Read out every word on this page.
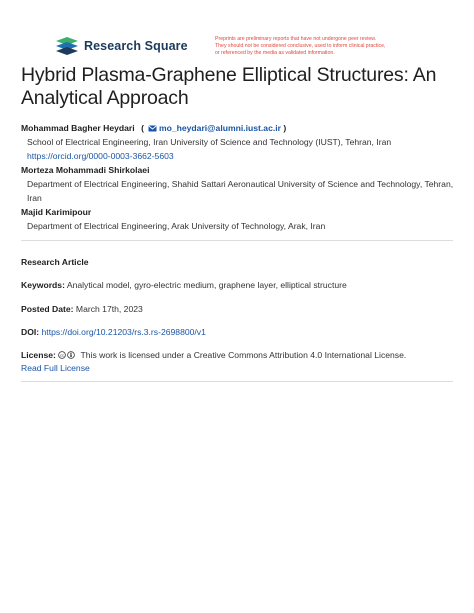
Research Square	Preprints are preliminary reports that have not undergone peer review.
They should not be considered conclusive, used to inform clinical practice,
or referenced by the media as validated information.
Hybrid Plasma-Graphene Elliptical Structures: An
Analytical Approach
Mohammad Bagher Heydari ( mo_heydari@alumni.iust.ac.ir )
School of Electrical Engineering, Iran University of Science and Technology (IUST), Tehran, Iran
https://orcid.org/0000-0003-3662-5603
Morteza Mohammadi Shirkolaei
Department of Electrical Engineering, Shahid Sattari Aeronautical University of Science and Technology, Tehran, Iran
Majid Karimipour
Department of Electrical Engineering, Arak University of Technology, Arak, Iran
Research Article
Keywords: Analytical model, gyro-electric medium, graphene layer, elliptical structure
Posted Date: March 17th, 2023
DOI: https://doi.org/10.21203/rs.3.rs-2698800/v1
License: cc This work is licensed under a Creative Commons Attribution 4.0 International License.
Read Full License
